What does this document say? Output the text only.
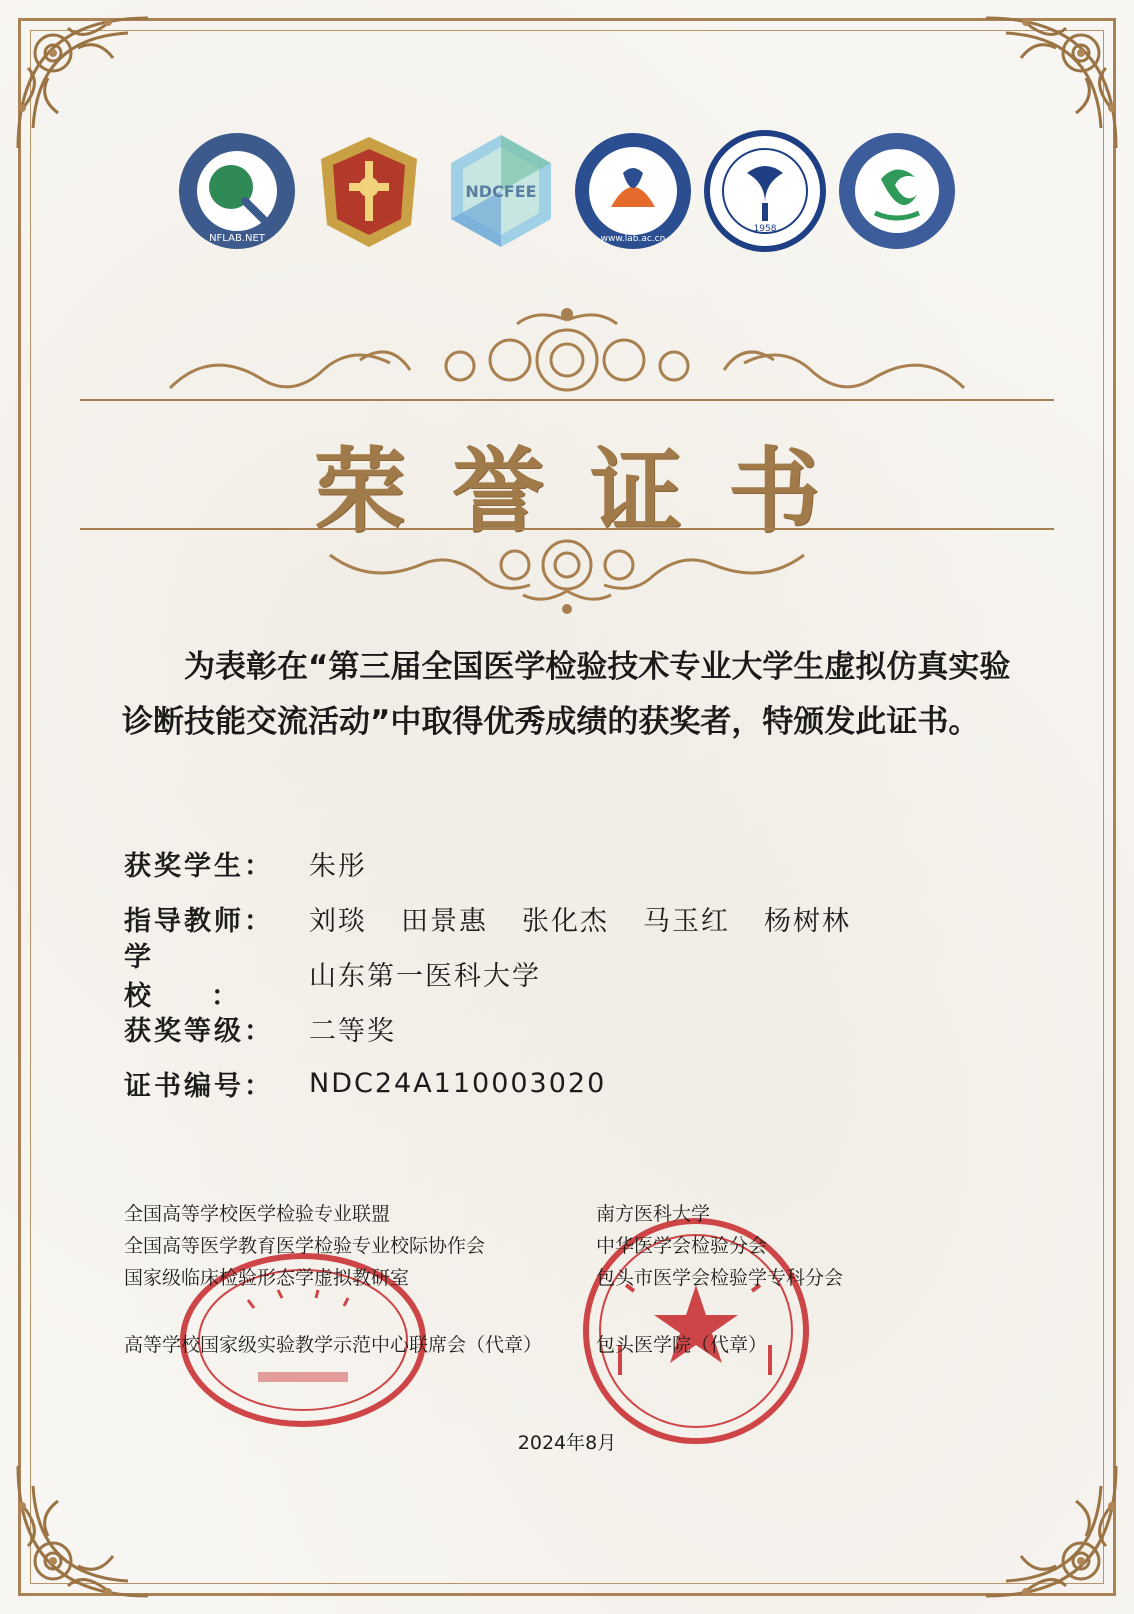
NFLAB.NET
NDCFEE
www.lab.ac.cn
1958
荣誉证书
为表彰在“第三届全国医学检验技术专业大学生虚拟仿真实验诊断技能交流活动”中取得优秀成绩的获奖者，特颁发此证书。
获奖学生：	朱彤
指导教师：	刘琰 田景惠 张化杰 马玉红 杨树林
学校：
山东第一医科大学
获奖等级：	二等奖
证书编号：	NDC24A110003020
全国高等学校医学检验专业联盟
全国高等医学教育医学检验专业校际协作会
国家级临床检验形态学虚拟教研室
高等学校国家级实验教学示范中心联席会（代章）
南方医科大学
中华医学会检验分会
包头市医学会检验学专科分会
包头医学院（代章）
2024年8月
